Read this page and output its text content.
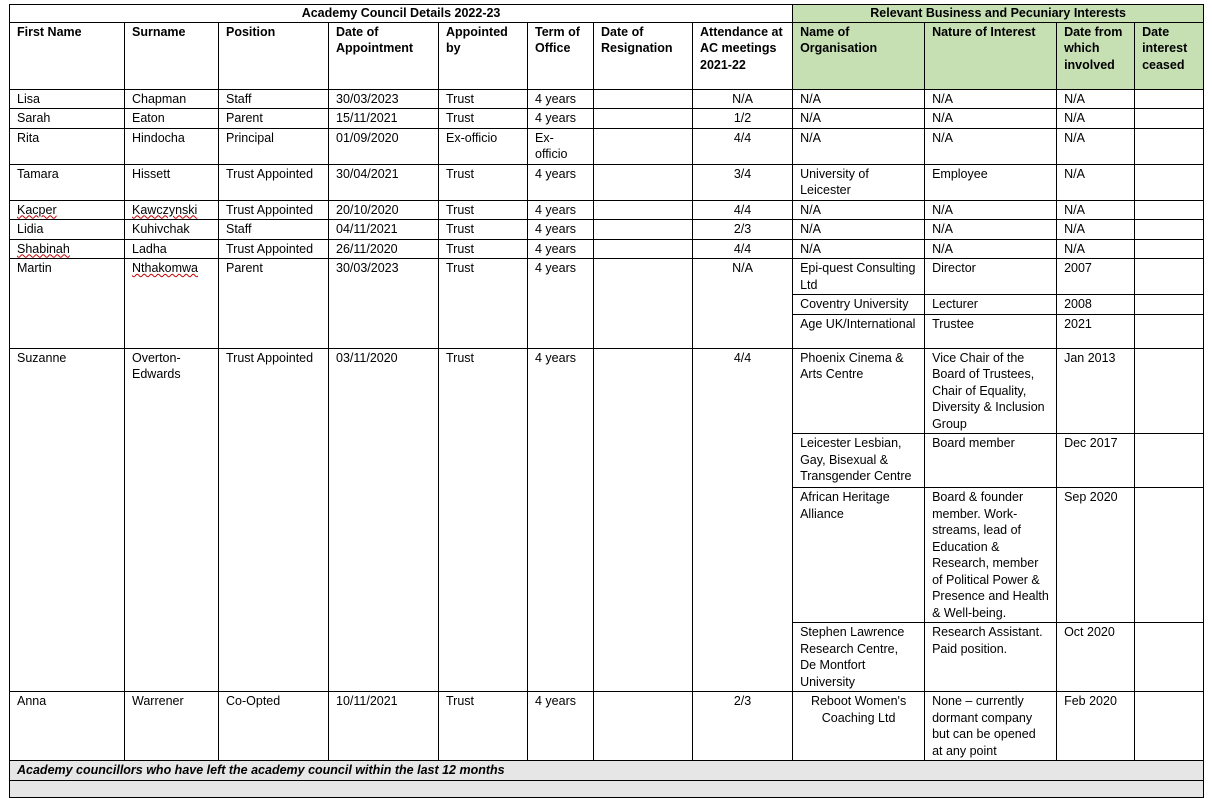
Academy Council Details 2022-23								Relevant Business and Pecuniary Interests			
First Name	Surname	Position	Date of Appointment	Appointed by	Term of Office	Date of Resignation	Attendance at AC meetings 2021-22	Name of Organisation	Nature of Interest	Date from which involved	Date interest ceased
Lisa	Chapman	Staff	30/03/2023	Trust	4 years		N/A	N/A	N/A	N/A	
Sarah	Eaton	Parent	15/11/2021	Trust	4 years		1/2	N/A	N/A	N/A	
Rita	Hindocha	Principal	01/09/2020	Ex-officio	Ex-officio		4/4	N/A	N/A	N/A	
Tamara	Hissett	Trust Appointed	30/04/2021	Trust	4 years		3/4	University of Leicester	Employee	N/A	
Kacper	Kawczynski	Trust Appointed	20/10/2020	Trust	4 years		4/4	N/A	N/A	N/A	
Lidia	Kuhivchak	Staff	04/11/2021	Trust	4 years		2/3	N/A	N/A	N/A	
Shabinah	Ladha	Trust Appointed	26/11/2020	Trust	4 years		4/4	N/A	N/A	N/A	
Martin	Nthakomwa	Parent	30/03/2023	Trust	4 years		N/A	Epi-quest Consulting Ltd	Director	2007	
								Coventry University	Lecturer	2008	
								Age UK/International	Trustee	2021	
Suzanne	Overton-Edwards	Trust Appointed	03/11/2020	Trust	4 years		4/4	Phoenix Cinema & Arts Centre	Vice Chair of the Board of Trustees, Chair of Equality, Diversity & Inclusion Group	Jan 2013	
								Leicester Lesbian, Gay, Bisexual & Transgender Centre	Board member	Dec 2017	
								African Heritage Alliance	Board & founder member. Work-streams, lead of Education & Research, member of Political Power & Presence and Health & Well-being.	Sep 2020	
								Stephen Lawrence Research Centre, De Montfort University	Research Assistant. Paid position.	Oct 2020	
Anna	Warrener	Co-Opted	10/11/2021	Trust	4 years		2/3	Reboot Women's Coaching Ltd	None – currently dormant company but can be opened at any point	Feb 2020	
Academy councillors who have left the academy council within the last 12 months											
